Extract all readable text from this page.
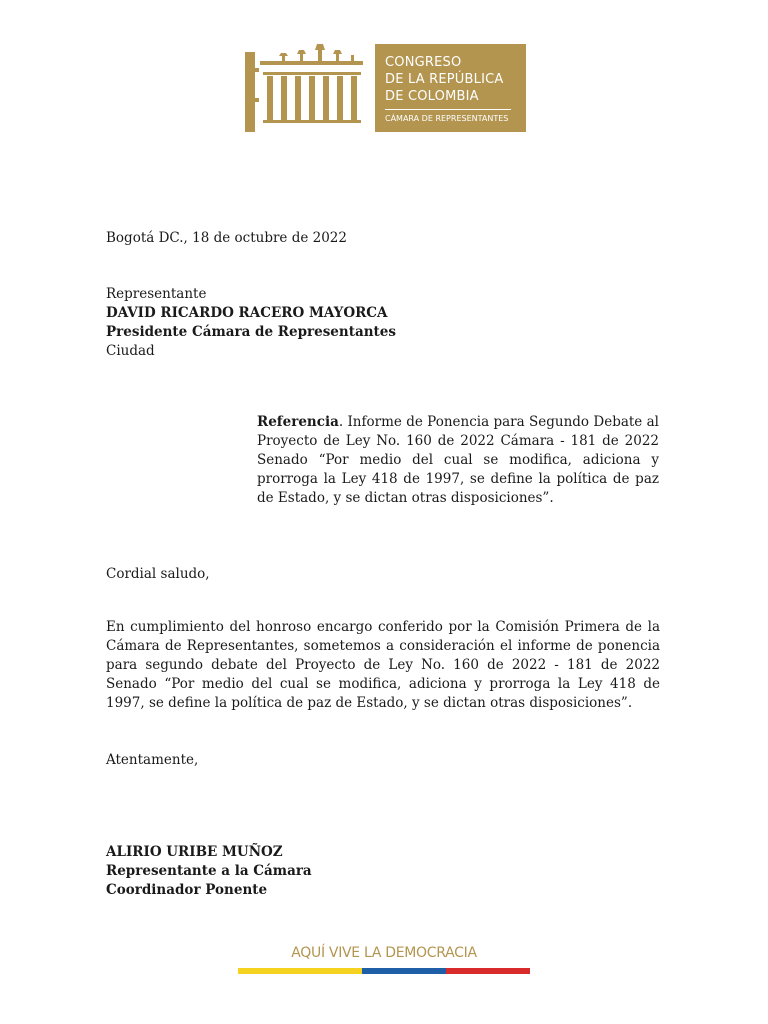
CONGRESO
DE LA REPÚBLICA
DE COLOMBIA
CÁMARA DE REPRESENTANTES
Bogotá DC., 18 de octubre de 2022
Representante
DAVID RICARDO RACERO MAYORCA
Presidente Cámara de Representantes
Ciudad
Referencia. Informe de Ponencia para Segundo Debate al Proyecto de Ley No. 160 de 2022 Cámara - 181 de 2022 Senado “Por medio del cual se modifica, adiciona y prorroga la Ley 418 de 1997, se define la política de paz de Estado, y se dictan otras disposiciones”.
Cordial saludo,
En cumplimiento del honroso encargo conferido por la Comisión Primera de la Cámara de Representantes, sometemos a consideración el informe de ponencia para segundo debate del Proyecto de Ley No. 160 de 2022 - 181 de 2022 Senado “Por medio del cual se modifica, adiciona y prorroga la Ley 418 de 1997, se define la política de paz de Estado, y se dictan otras disposiciones”.
Atentamente,
ALIRIO URIBE MUÑOZ
Representante a la Cámara
Coordinador Ponente
AQUÍ VIVE LA DEMOCRACIA
